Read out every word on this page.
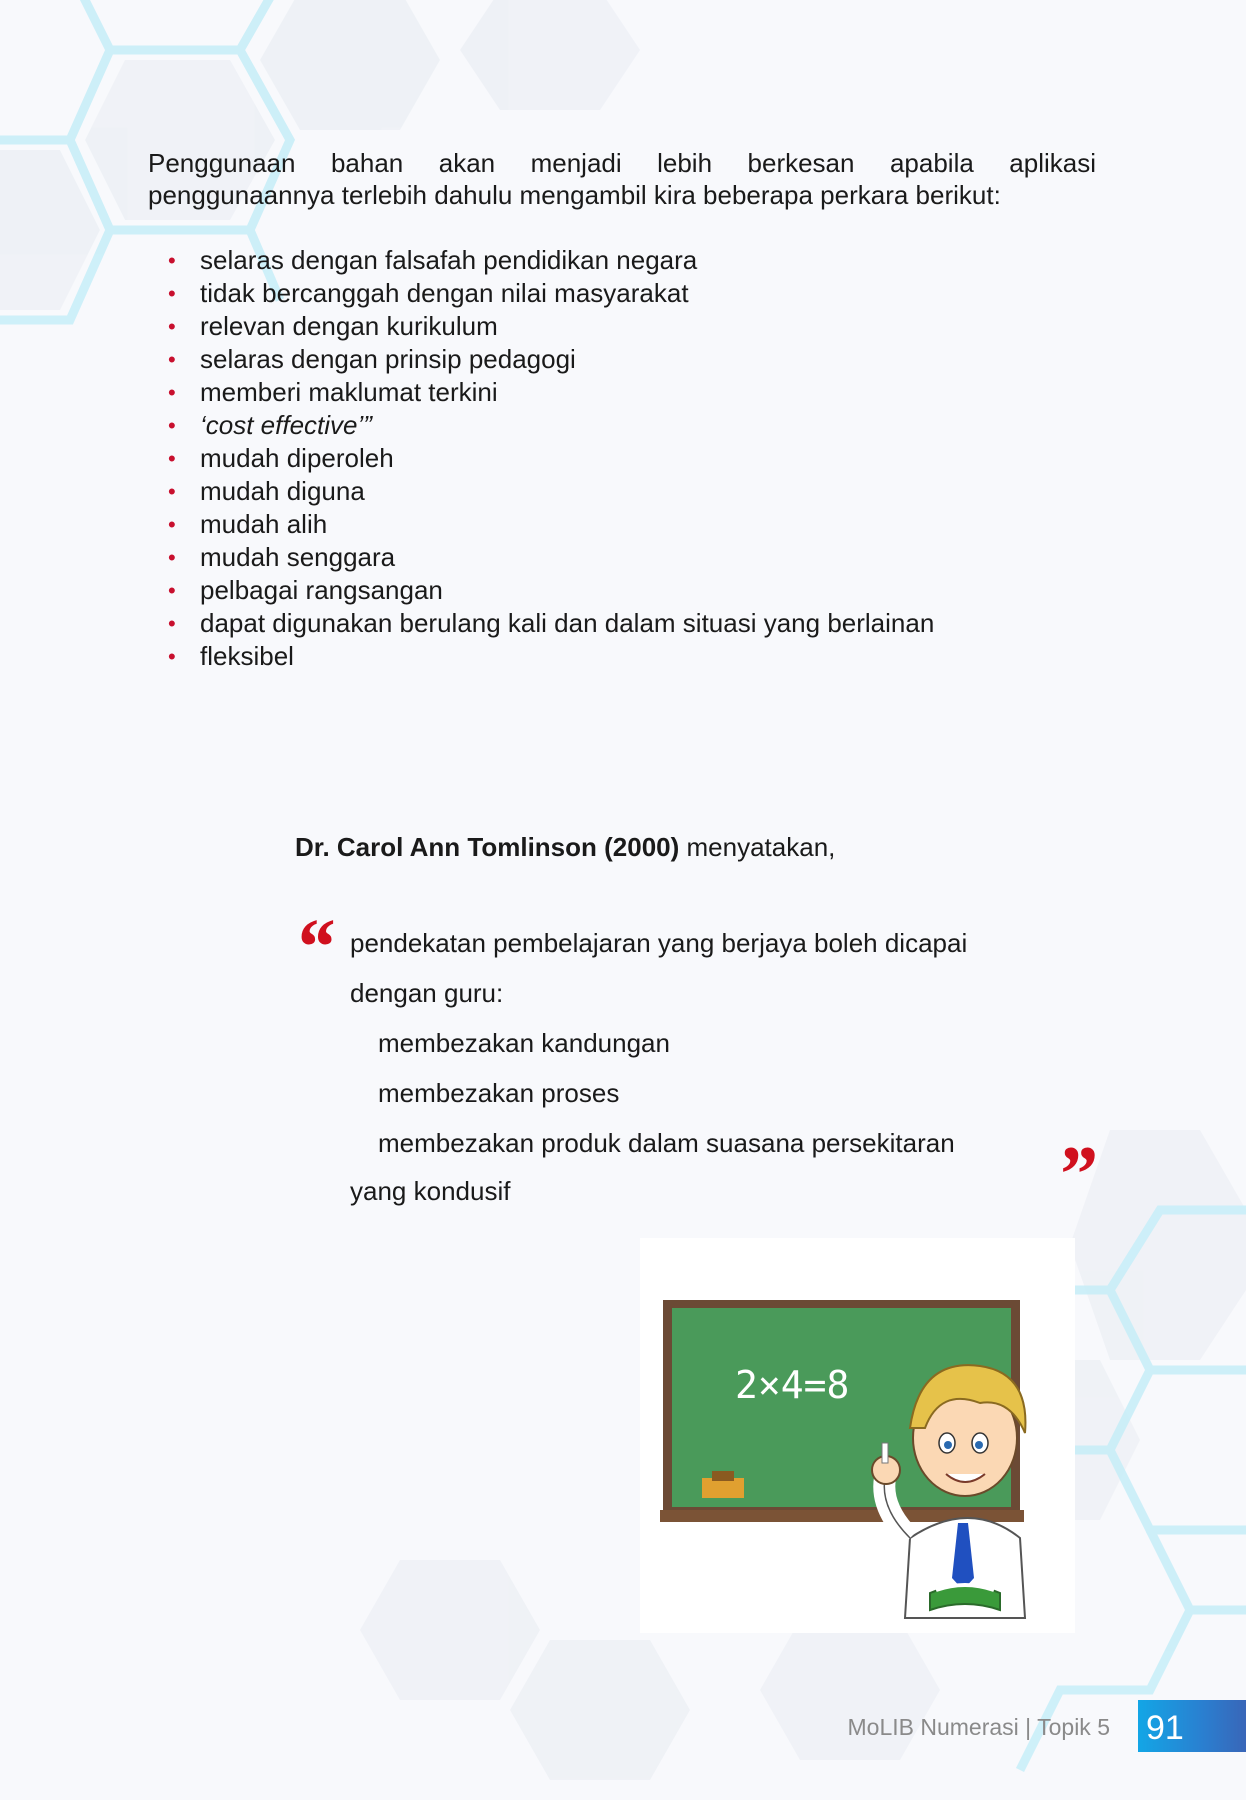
Penggunaan bahan akan menjadi lebih berkesan apabila aplikasi
penggunaannya terlebih dahulu mengambil kira beberapa perkara berikut:

• selaras dengan falsafah pendidikan negara
• tidak bercanggah dengan nilai masyarakat
• relevan dengan kurikulum
• selaras dengan prinsip pedagogi
• memberi maklumat terkini
• ‘cost effective’”
• mudah diperoleh
• mudah diguna
• mudah alih
• mudah senggara
• pelbagai rangsangan
• dapat digunakan berulang kali dan dalam situasi yang berlainan
• fleksibel
Dr. Carol Ann Tomlinson (2000) menyatakan,
“ pendekatan pembelajaran yang berjaya boleh dicapai
dengan guru:
membezakan kandungan
membezakan proses
membezakan produk dalam suasana persekitaran
yang kondusif	”
2×4=8
MoLIB Numerasi | Topik 5 91
